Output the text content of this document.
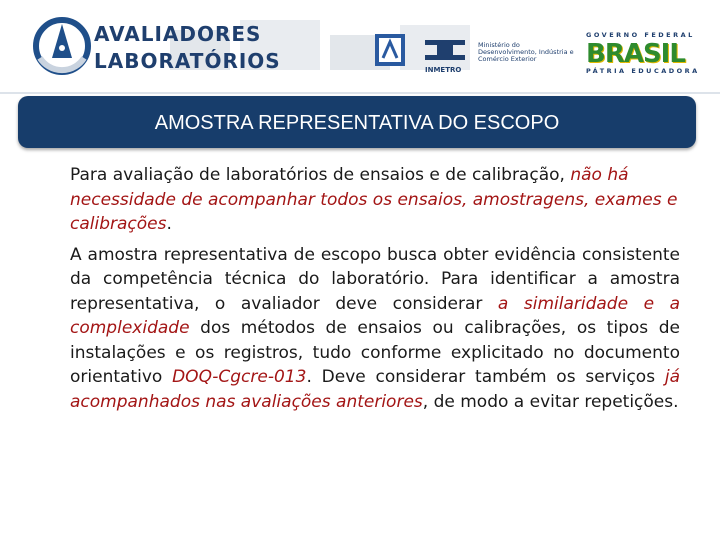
AVALIADORES
LABORATÓRIOS	INMETRO
Ministério do Desenvolvimento, Indústria e Comércio Exterior
GOVERNO FEDERAL
BRASIL
PÁTRIA EDUCADORA
AMOSTRA REPRESENTATIVA DO ESCOPO

Para avaliação de laboratórios de ensaios e de calibração, não há necessidade de acompanhar todos os ensaios, amostragens, exames e calibrações.

A amostra representativa de escopo busca obter evidência consistente da competência técnica do laboratório. Para identificar a amostra representativa, o avaliador deve considerar a similaridade e a complexidade dos métodos de ensaios ou calibrações, os tipos de instalações e os registros, tudo conforme explicitado no documento orientativo DOQ-Cgcre-013. Deve considerar também os serviços já acompanhados nas avaliações anteriores, de modo a evitar repetições.
